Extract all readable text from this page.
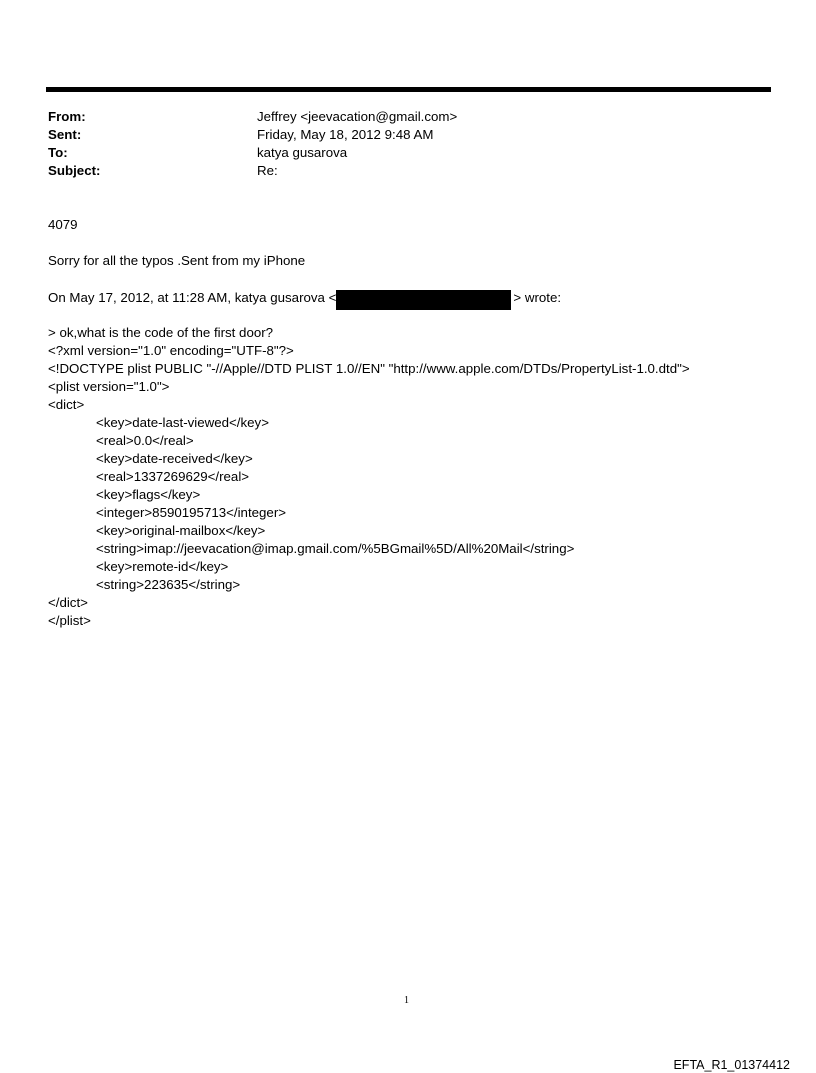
From:	Jeffrey <jeevacation@gmail.com>
Sent:	Friday, May 18, 2012 9:48 AM
To:	katya gusarova
Subject:	Re:
4079
Sorry for all the typos .Sent from my iPhone
On May 17, 2012, at 11:28 AM, katya gusarova <	> wrote:
> ok,what is the code of the first door?
<?xml version="1.0" encoding="UTF-8"?>
<!DOCTYPE plist PUBLIC "-//Apple//DTD PLIST 1.0//EN" "http://www.apple.com/DTDs/PropertyList-1.0.dtd">
<plist version="1.0">
<dict>
<key>date-last-viewed</key>
<real>0.0</real>
<key>date-received</key>
<real>1337269629</real>
<key>flags</key>
<integer>8590195713</integer>
<key>original-mailbox</key>
<string>imap://jeevacation@imap.gmail.com/%5BGmail%5D/All%20Mail</string>
<key>remote-id</key>
<string>223635</string>
</dict>
</plist>
1
EFTA_R1_01374412
